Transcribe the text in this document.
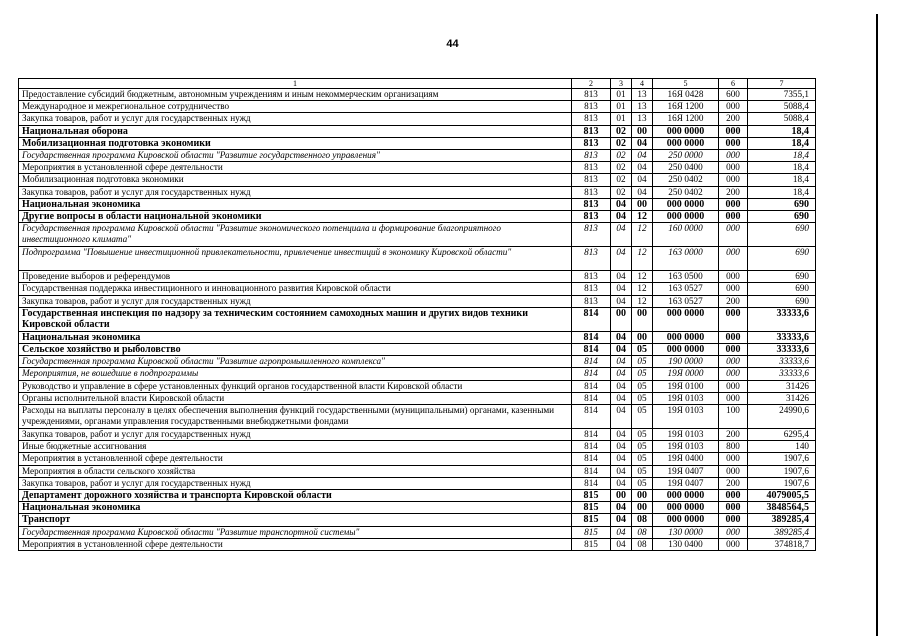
44
1	2	3	4	5	6	7
Предоставление субсидий бюджетным, автономным учреждениям и иным некоммерческим организациям	813	01	13	16Я 0428	600	7355,1
Международное и межрегиональное сотрудничество	813	01	13	16Я 1200	000	5088,4
Закупка товаров, работ и услуг для государственных нужд	813	01	13	16Я 1200	200	5088,4
Национальная оборона	813	02	00	000 0000	000	18,4
Мобилизационная подготовка экономики	813	02	04	000 0000	000	18,4
Государственная программа Кировской области "Развитие государственного управления"	813	02	04	250 0000	000	18,4
Мероприятия в установленной сфере деятельности	813	02	04	250 0400	000	18,4
Мобилизационная подготовка экономики	813	02	04	250 0402	000	18,4
Закупка товаров, работ и услуг для государственных нужд	813	02	04	250 0402	200	18,4
Национальная экономика	813	04	00	000 0000	000	690
Другие вопросы в области национальной экономики	813	04	12	000 0000	000	690
Государственная программа Кировской области "Развитие экономического потенциала и формирование благоприятного инвестиционного климата"	813	04	12	160 0000	000	690
Подпрограмма "Повышение инвестиционной привлекательности, привлечение инвестиций в экономику Кировской области"	813	04	12	163 0000	000	690
Проведение выборов и референдумов	813	04	12	163 0500	000	690
Государственная поддержка инвестиционного и инновационного развития Кировской области	813	04	12	163 0527	000	690
Закупка товаров, работ и услуг для государственных нужд	813	04	12	163 0527	200	690
Государственная инспекция по надзору за техническим состоянием самоходных машин и других видов техники Кировской области	814	00	00	000 0000	000	33333,6
Национальная экономика	814	04	00	000 0000	000	33333,6
Сельское хозяйство и рыболовство	814	04	05	000 0000	000	33333,6
Государственная программа Кировской области "Развитие агропромышленного комплекса"	814	04	05	190 0000	000	33333,6
Мероприятия, не вошедшие в подпрограммы	814	04	05	19Я 0000	000	33333,6
Руководство и управление в сфере установленных функций органов государственной власти Кировской области	814	04	05	19Я 0100	000	31426
Органы исполнительной власти Кировской области	814	04	05	19Я 0103	000	31426
Расходы на выплаты персоналу в целях обеспечения выполнения функций государственными (муниципальными) органами, казенными учреждениями, органами управления государственными внебюджетными фондами	814	04	05	19Я 0103	100	24990,6
Закупка товаров, работ и услуг для государственных нужд	814	04	05	19Я 0103	200	6295,4
Иные бюджетные ассигнования	814	04	05	19Я 0103	800	140
Мероприятия в установленной сфере деятельности	814	04	05	19Я 0400	000	1907,6
Мероприятия в области сельского хозяйства	814	04	05	19Я 0407	000	1907,6
Закупка товаров, работ и услуг для государственных нужд	814	04	05	19Я 0407	200	1907,6
Департамент дорожного хозяйства и транспорта Кировской области	815	00	00	000 0000	000	4079005,5
Национальная экономика	815	04	00	000 0000	000	3848564,5
Транспорт	815	04	08	000 0000	000	389285,4
Государственная программа Кировской области "Развитие транспортной системы"	815	04	08	130 0000	000	389285,4
Мероприятия в установленной сфере деятельности	815	04	08	130 0400	000	374818,7
